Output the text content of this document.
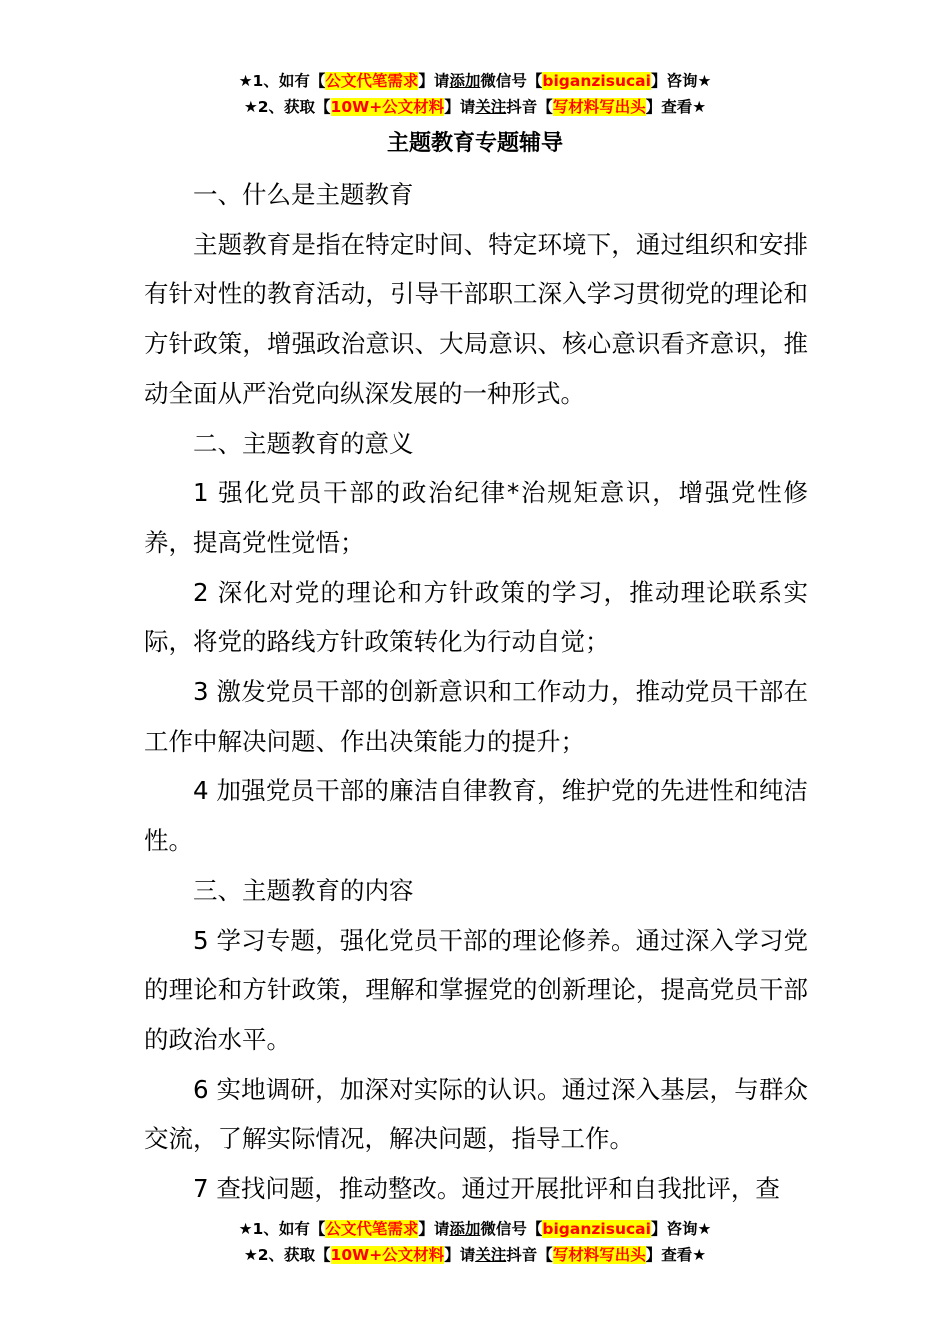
★1、如有【公文代笔需求】请添加微信号【biganzisucai】咨询★
★2、获取【10W+公文材料】请关注抖音【写材料写出头】查看★
主题教育专题辅导

一、什么是主题教育

主题教育是指在特定时间、特定环境下，通过组织和安排有针对性的教育活动，引导干部职工深入学习贯彻党的理论和方针政策，增强政治意识、大局意识、核心意识看齐意识，推动全面从严治党向纵深发展的一种形式。

二、主题教育的意义

1 强化党员干部的政治纪律*治规矩意识，增强党性修养，提高党性觉悟；

2 深化对党的理论和方针政策的学习，推动理论联系实际，将党的路线方针政策转化为行动自觉；

3 激发党员干部的创新意识和工作动力，推动党员干部在工作中解决问题、作出决策能力的提升；

4 加强党员干部的廉洁自律教育，维护党的先进性和纯洁性。

三、主题教育的内容

5 学习专题，强化党员干部的理论修养。通过深入学习党的理论和方针政策，理解和掌握党的创新理论，提高党员干部的政治水平。

6 实地调研，加深对实际的认识。通过深入基层，与群众交流，了解实际情况，解决问题，指导工作。

7 查找问题，推动整改。通过开展批评和自我批评，查

★1、如有【公文代笔需求】请添加微信号【biganzisucai】咨询★
★2、获取【10W+公文材料】请关注抖音【写材料写出头】查看★
